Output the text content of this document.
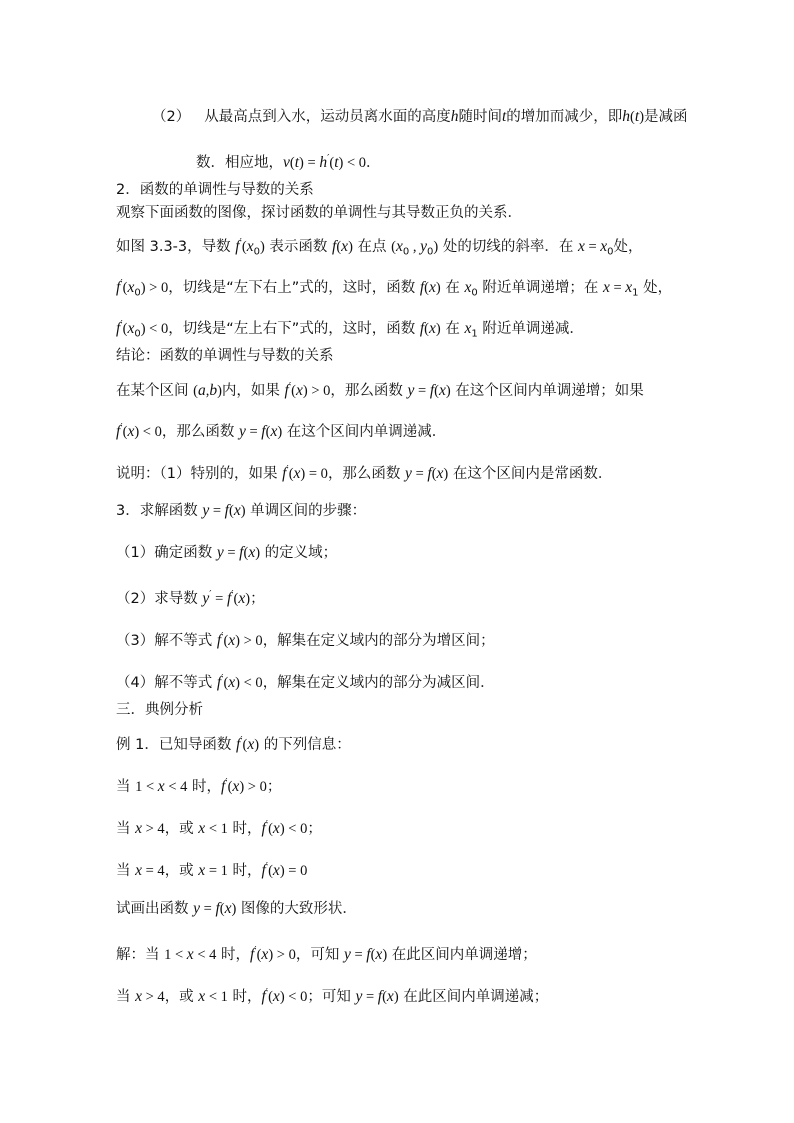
（2） 从最高点到入水，运动员离水面的高度h随时间t的增加而减少，即h(t)是减函
数．相应地，v(t) = h′(t) < 0．
2．函数的单调性与导数的关系
观察下面函数的图像，探讨函数的单调性与其导数正负的关系．
如图 3.3-3，导数 $f'(x_0)$ 表示函数 f(x) 在点 ($x_0$ , $y_0$) 处的切线的斜率．在 $x = x_0$处，
$f'(x_0) > 0$，切线是“左下右上”式的，这时，函数 f(x) 在 $x_0$ 附近单调递增；在 $x = x_1$ 处，
$f'(x_0) < 0$，切线是“左上右下”式的，这时，函数 f(x) 在 $x_1$ 附近单调递减．
结论：函数的单调性与导数的关系
在某个区间 (a,b)内，如果 f′(x) > 0，那么函数 y = f(x) 在这个区间内单调递增；如果
f′(x) < 0，那么函数 y = f(x) 在这个区间内单调递减．
说明：（1）特别的，如果 f′(x) = 0，那么函数 y = f(x) 在这个区间内是常函数．
3．求解函数 y = f(x) 单调区间的步骤：
（1）确定函数 y = f(x) 的定义域；
（2）求导数 y′ = f′(x)；
（3）解不等式 f′(x) > 0，解集在定义域内的部分为增区间；
（4）解不等式 f′(x) < 0，解集在定义域内的部分为减区间．
三．典例分析
例 1．已知导函数 f′(x) 的下列信息：
当 1 < x < 4 时，f′(x) > 0；
当 x > 4，或 x < 1 时，f′(x) < 0；
当 x = 4，或 x = 1 时，f′(x) = 0
试画出函数 y = f(x) 图像的大致形状．
解：当 1 < x < 4 时，f′(x) > 0，可知 y = f(x) 在此区间内单调递增；
当 x > 4，或 x < 1 时，f′(x) < 0；可知 y = f(x) 在此区间内单调递减；
